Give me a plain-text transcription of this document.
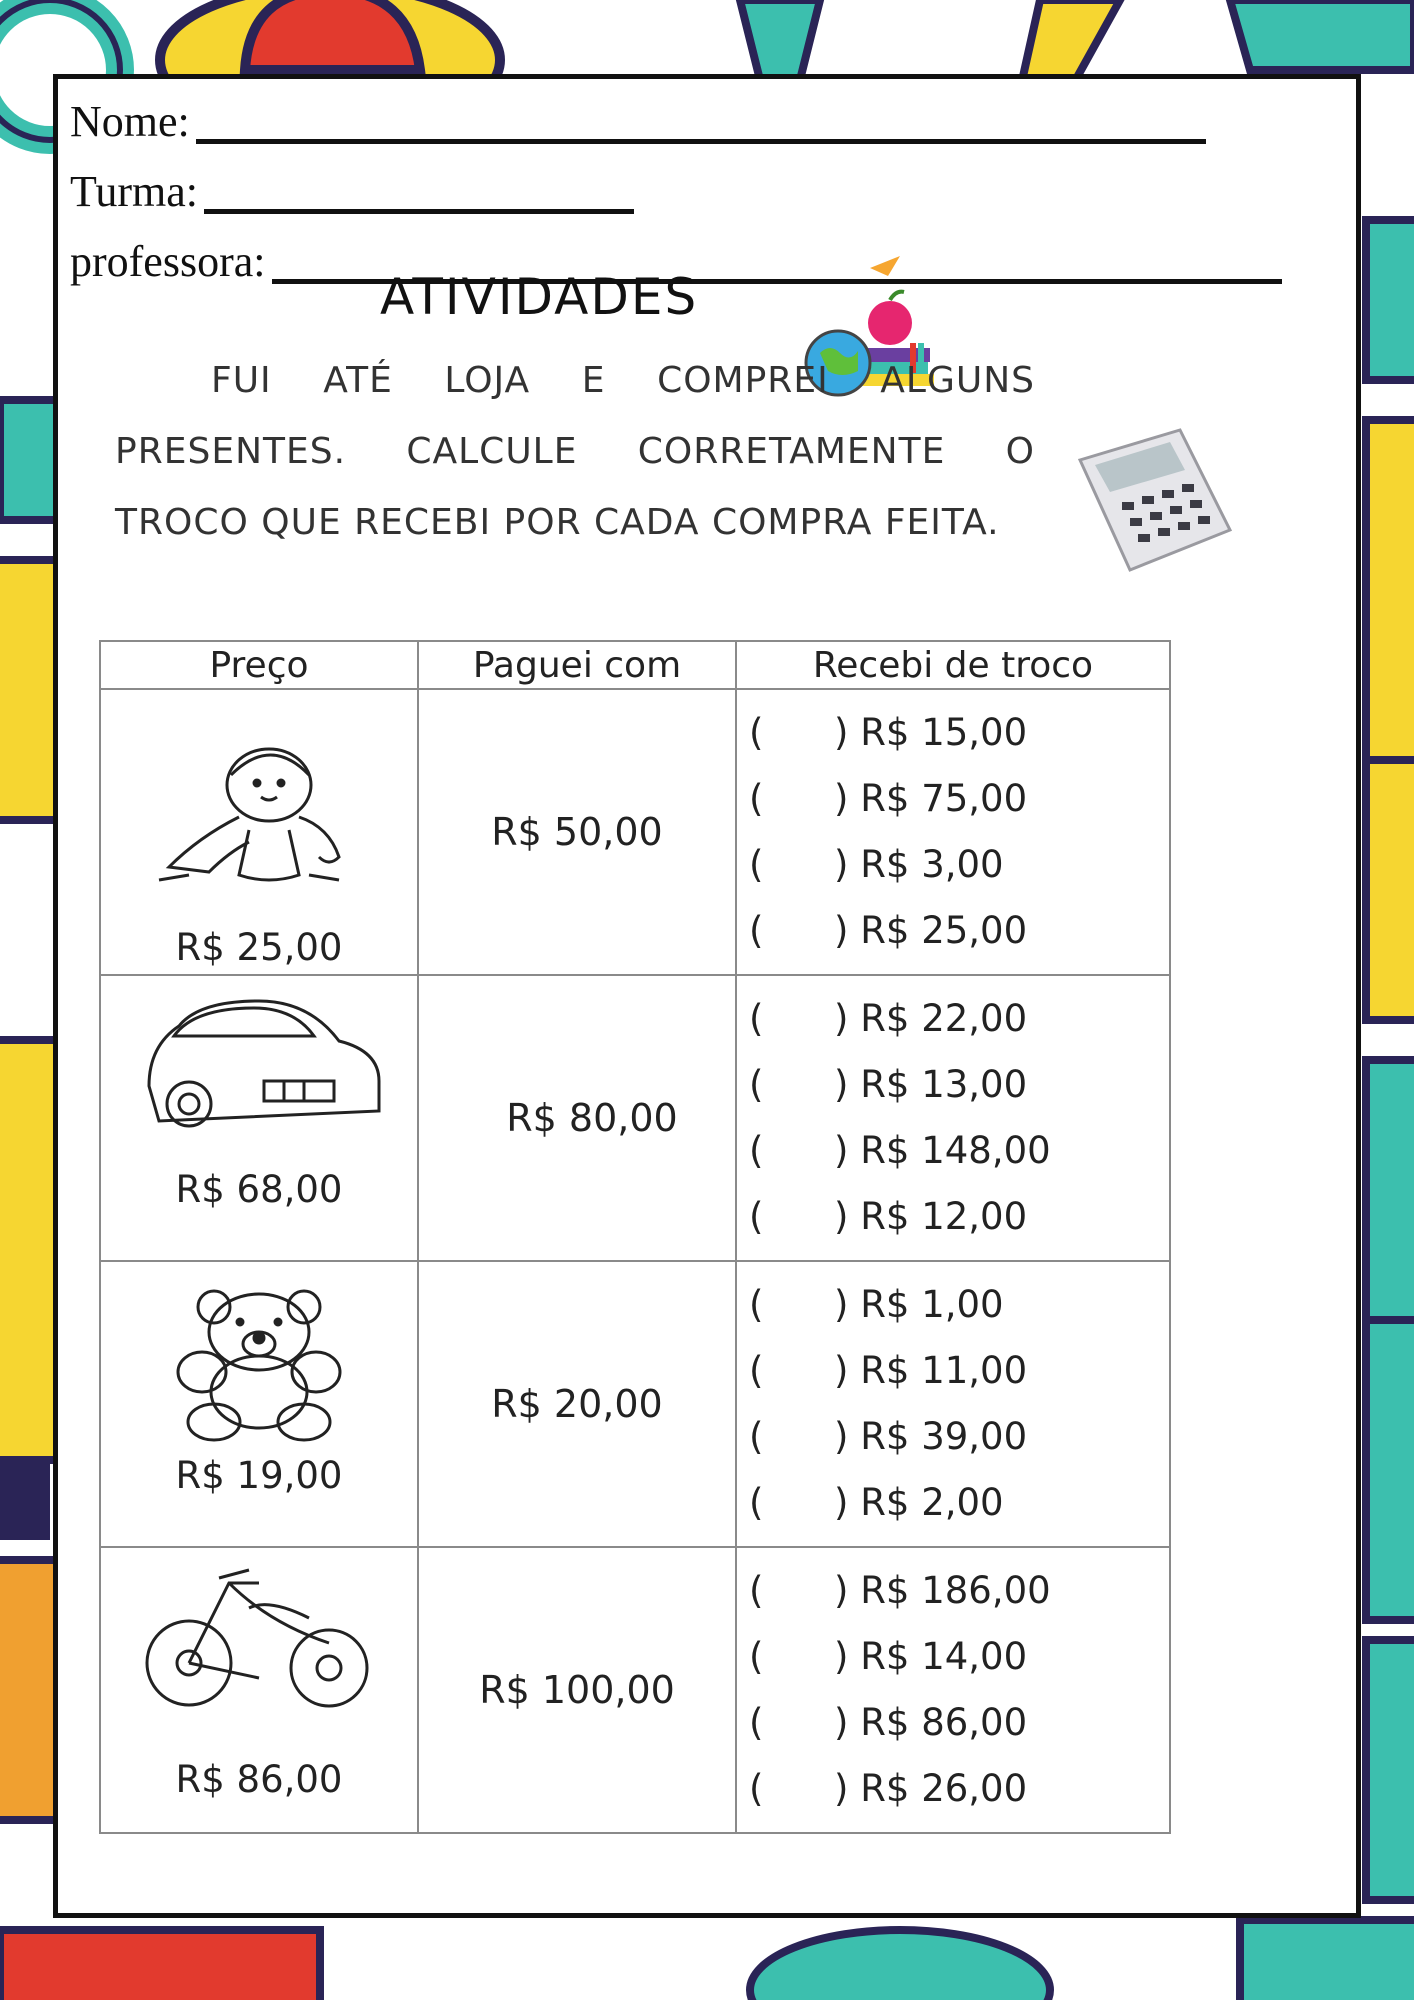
Nome:
Turma:
professora:
ATIVIDADES
FUI ATÉ LOJA E COMPREI ALGUNS PRESENTES. CALCULE CORRETAMENTE O TROCO QUE RECEBI POR CADA COMPRA FEITA.
Preço	Paguei com	Recebi de troco

R$ 25,00	R$ 50,00	(      ) R$ 15,00
(      ) R$ 75,00
(      ) R$ 3,00
(      ) R$ 25,00

R$ 68,00	R$ 80,00	(      ) R$ 22,00
(      ) R$ 13,00
(      ) R$ 148,00
(      ) R$ 12,00

R$ 19,00	R$ 20,00	(      ) R$ 1,00
(      ) R$ 11,00
(      ) R$ 39,00
(      ) R$ 2,00

R$ 86,00	R$ 100,00	(      ) R$ 186,00
(      ) R$ 14,00
(      ) R$ 86,00
(      ) R$ 26,00
